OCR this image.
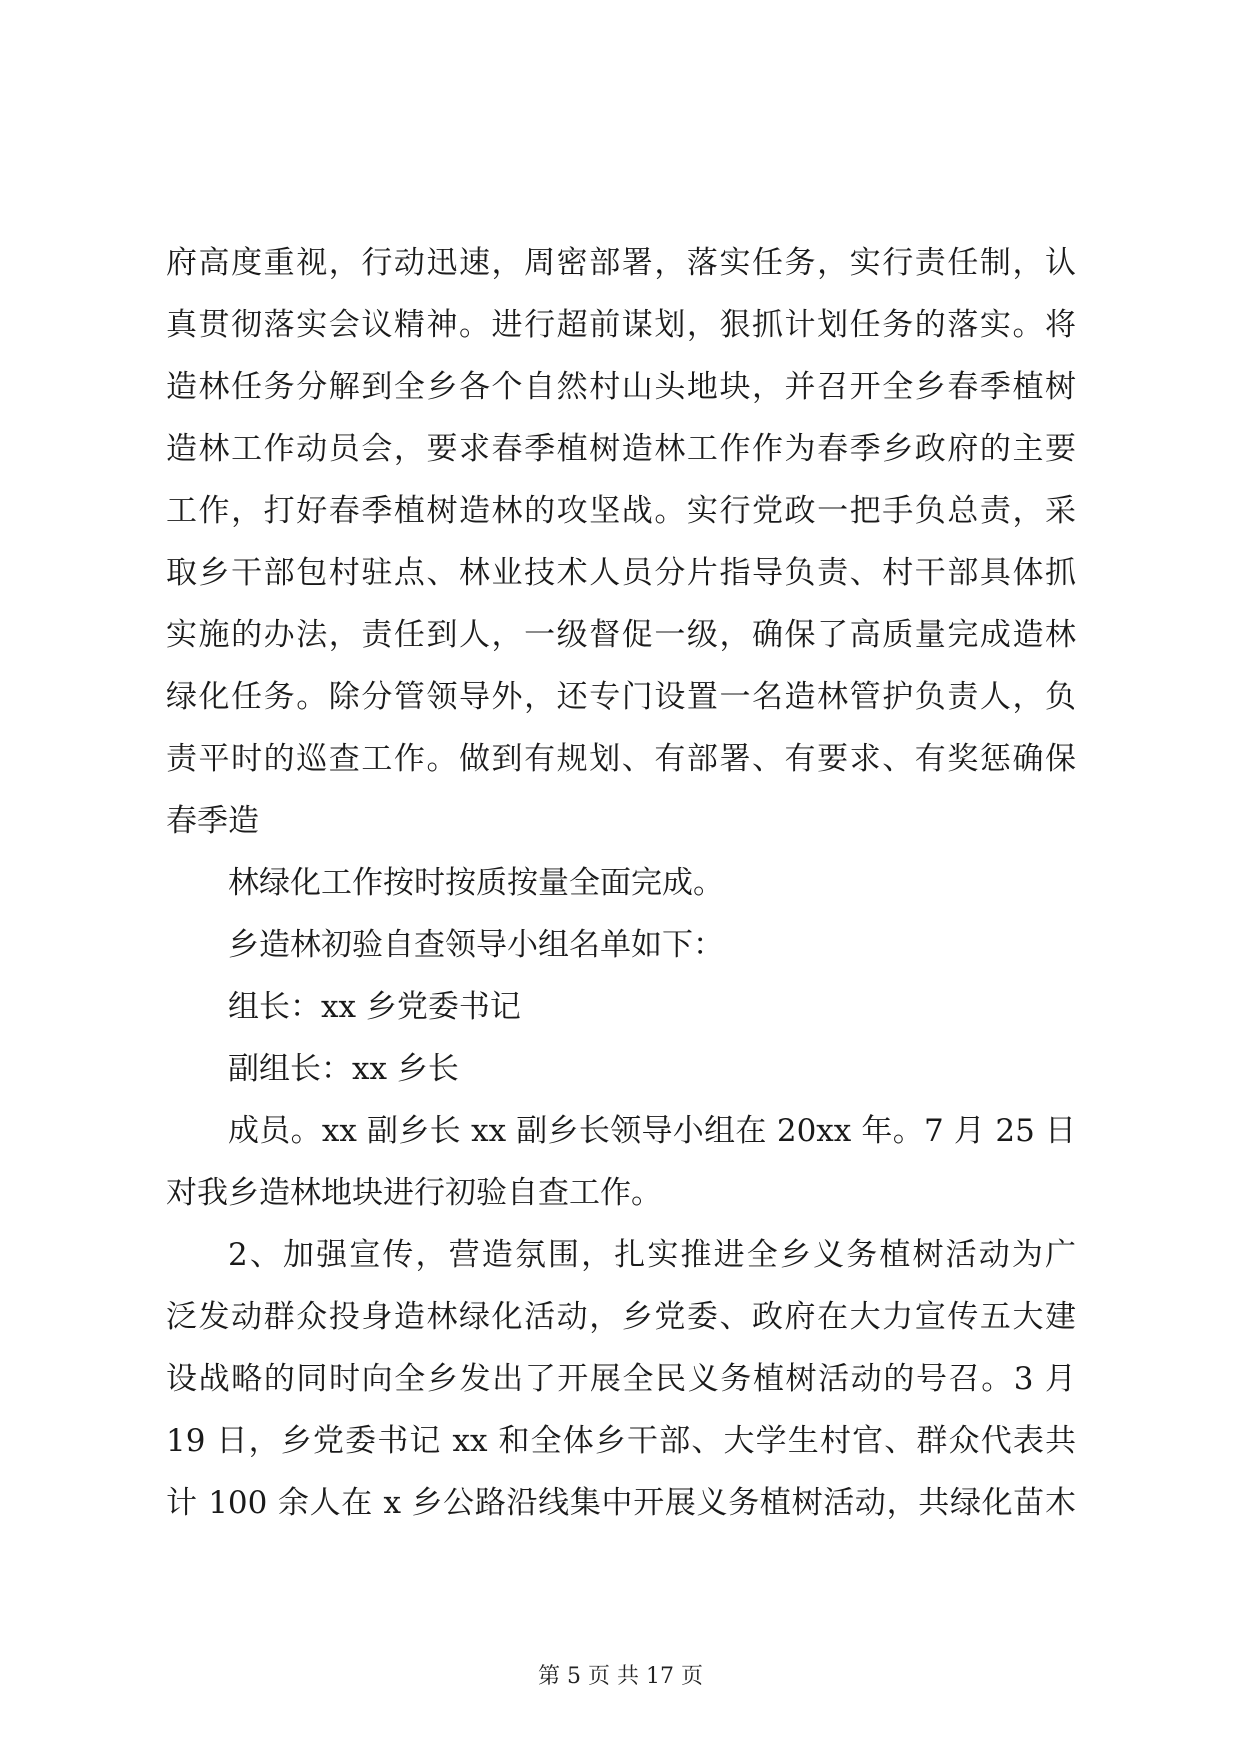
府高度重视，行动迅速，周密部署，落实任务，实行责任制，认
真贯彻落实会议精神。进行超前谋划，狠抓计划任务的落实。将
造林任务分解到全乡各个自然村山头地块，并召开全乡春季植树
造林工作动员会，要求春季植树造林工作作为春季乡政府的主要
工作，打好春季植树造林的攻坚战。实行党政一把手负总责，采
取乡干部包村驻点、林业技术人员分片指导负责、村干部具体抓
实施的办法，责任到人，一级督促一级，确保了高质量完成造林
绿化任务。除分管领导外，还专门设置一名造林管护负责人，负
责平时的巡查工作。做到有规划、有部署、有要求、有奖惩确保
春季造
林绿化工作按时按质按量全面完成。
乡造林初验自查领导小组名单如下：
组长：xx 乡党委书记
副组长：xx 乡长
成员。xx 副乡长 xx 副乡长领导小组在 20xx 年。7 月 25 日
对我乡造林地块进行初验自查工作。
2、加强宣传，营造氛围，扎实推进全乡义务植树活动为广
泛发动群众投身造林绿化活动，乡党委、政府在大力宣传五大建
设战略的同时向全乡发出了开展全民义务植树活动的号召。3 月
19 日，乡党委书记 xx 和全体乡干部、大学生村官、群众代表共
计 100 余人在 x 乡公路沿线集中开展义务植树活动，共绿化苗木
第 5 页 共 17 页
